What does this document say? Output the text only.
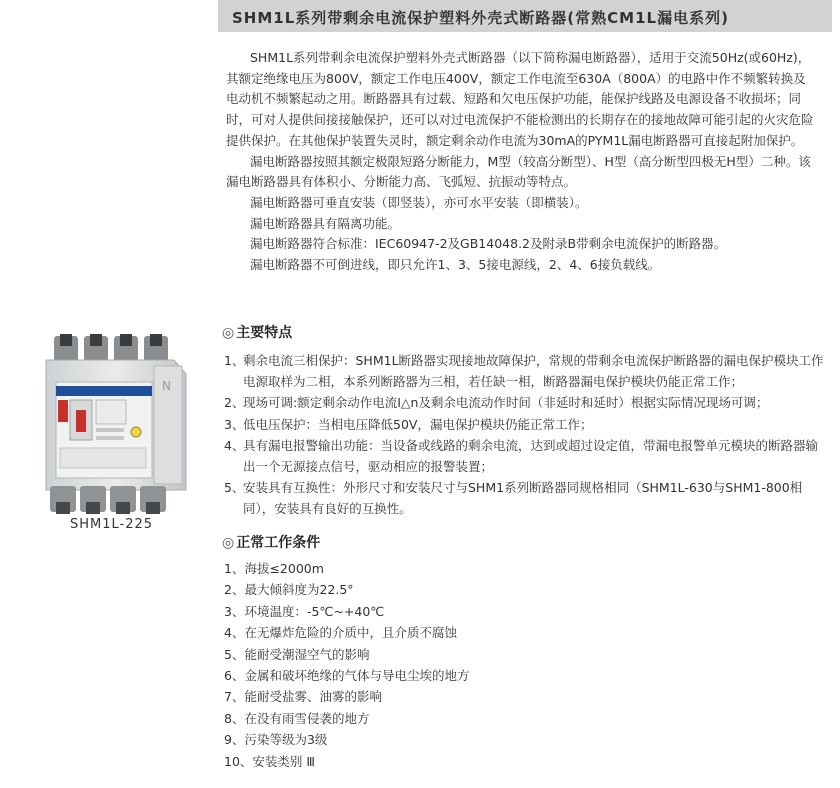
SHM1L系列带剩余电流保护塑料外壳式断路器(常熟CM1L漏电系列)

SHM1L系列带剩余电流保护塑料外壳式断路器（以下简称漏电断路器），适用于交流50Hz(或60Hz)，其额定绝缘电压为800V，额定工作电压400V，额定工作电流至630A（800A）的电路中作不频繁转换及电动机不频繁起动之用。断路器具有过载、短路和欠电压保护功能，能保护线路及电源设备不收损坏；同时，可对人提供间接接触保护，还可以对过电流保护不能检测出的长期存在的接地故障可能引起的火灾危险提供保护。在其他保护装置失灵时，额定剩余动作电流为30mA的PYM1L漏电断路器可直接起附加保护。

漏电断路器按照其额定极限短路分断能力，M型（较高分断型）、H型（高分断型四极无H型）二种。该漏电断路器具有体积小、分断能力高、飞弧短、抗振动等特点。

漏电断路器可垂直安装（即竖装），亦可水平安装（即横装）。

漏电断路器具有隔离功能。

漏电断路器符合标准：IEC60947-2及GB14048.2及附录B带剩余电流保护的断路器。

漏电断路器不可倒进线，即只允许1、3、5接电源线，2、4、6接负载线。

◎ 主要特点
1、
剩余电流三相保护：SHM1L断路器实现接地故障保护，常规的带剩余电流保护断路器的漏电保护模块工作电源取样为二相，本系列断路器为三相，若任缺一相，断路器漏电保护模块仍能正常工作；
2、
现场可调:额定剩余动作电流I△n及剩余电流动作时间（非延时和延时）根据实际情况现场可调；
3、
低电压保护：当相电压降低50V，漏电保护模块仍能正常工作；
4、
具有漏电报警输出功能：当设备或线路的剩余电流，达到或超过设定值，带漏电报警单元模块的断路器输出一个无源接点信号，驱动相应的报警装置；
5、
安装具有互换性：外形尺寸和安装尺寸与SHM1系列断路器同规格相同（SHM1L-630与SHM1-800相同），安装具有良好的互换性。
◎ 正常工作条件
1、海拔≤2000m
2、最大倾斜度为22.5°
3、环境温度：-5℃~+40℃
4、在无爆炸危险的介质中，且介质不腐蚀
5、能耐受潮湿空气的影响
6、金属和破坏绝缘的气体与导电尘埃的地方
7、能耐受盐雾、油雾的影响
8、在没有雨雪侵袭的地方
9、污染等级为3级
10、安装类别 Ⅲ
N
SHM1L-225
